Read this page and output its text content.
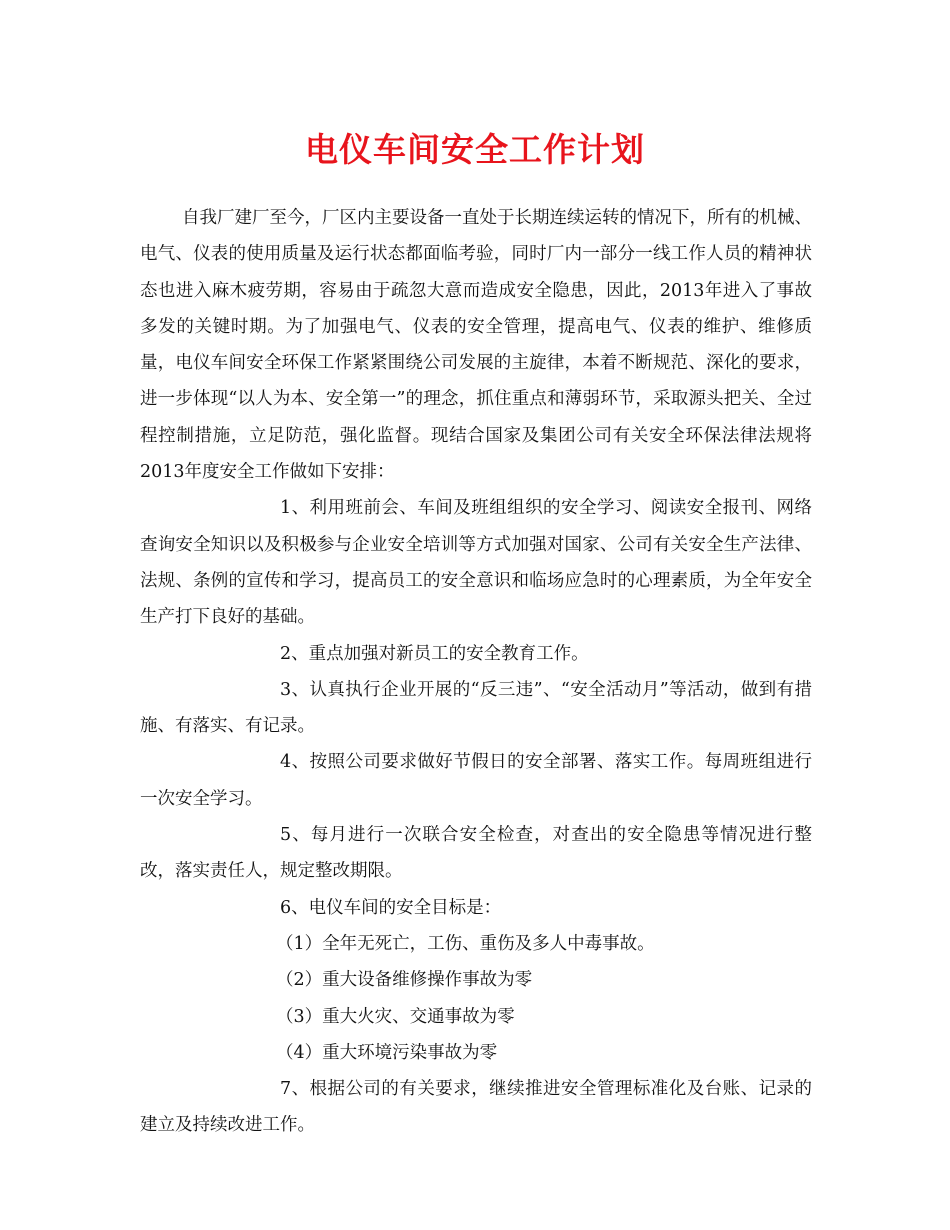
电仪车间安全工作计划

自我厂建厂至今，厂区内主要设备一直处于长期连续运转的情况下，所有的机械、电气、仪表的使用质量及运行状态都面临考验，同时厂内一部分一线工作人员的精神状态也进入麻木疲劳期，容易由于疏忽大意而造成安全隐患，因此，2013年进入了事故多发的关键时期。为了加强电气、仪表的安全管理，提高电气、仪表的维护、维修质量，电仪车间安全环保工作紧紧围绕公司发展的主旋律，本着不断规范、深化的要求，进一步体现“以人为本、安全第一”的理念，抓住重点和薄弱环节，采取源头把关、全过程控制措施，立足防范，强化监督。现结合国家及集团公司有关安全环保法律法规将2013年度安全工作做如下安排：

1、利用班前会、车间及班组组织的安全学习、阅读安全报刊、网络查询安全知识以及积极参与企业安全培训等方式加强对国家、公司有关安全生产法律、法规、条例的宣传和学习，提高员工的安全意识和临场应急时的心理素质，为全年安全生产打下良好的基础。

2、重点加强对新员工的安全教育工作。

3、认真执行企业开展的“反三违”、“安全活动月”等活动，做到有措施、有落实、有记录。

4、按照公司要求做好节假日的安全部署、落实工作。每周班组进行一次安全学习。

5、每月进行一次联合安全检查，对查出的安全隐患等情况进行整改，落实责任人，规定整改期限。

6、电仪车间的安全目标是：

（1）全年无死亡，工伤、重伤及多人中毒事故。

（2）重大设备维修操作事故为零

（3）重大火灾、交通事故为零

（4）重大环境污染事故为零

7、根据公司的有关要求，继续推进安全管理标准化及台账、记录的建立及持续改进工作。
